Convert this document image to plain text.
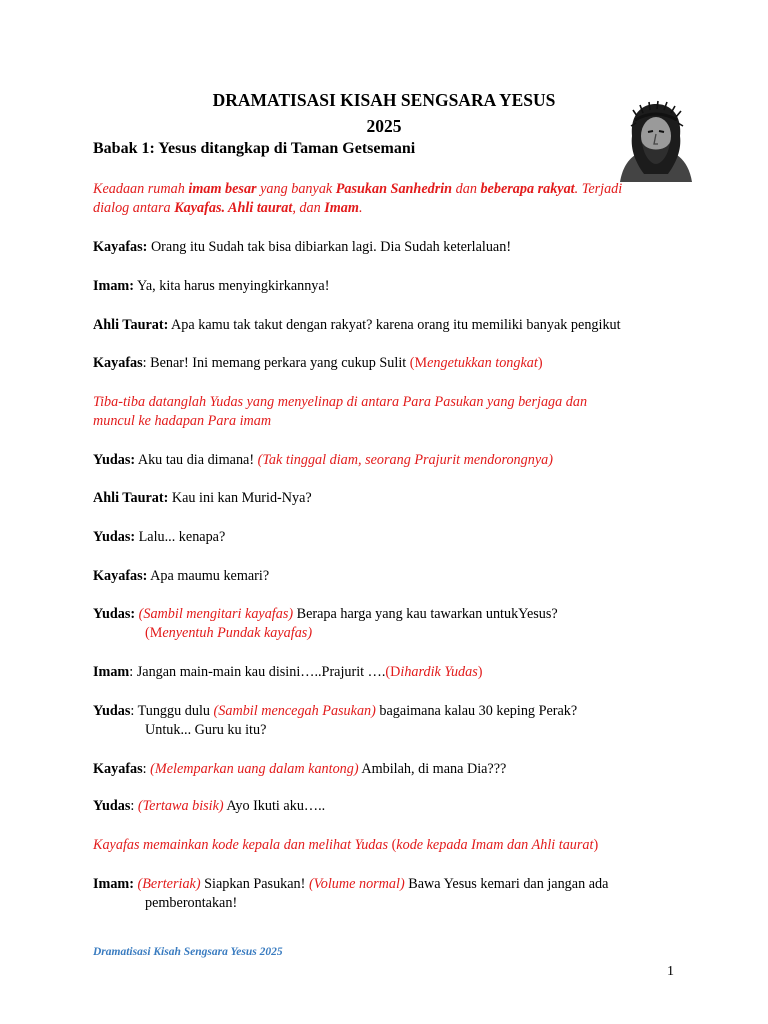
DRAMATISASI KISAH SENGSARA YESUS
2025
Babak 1: Yesus ditangkap di Taman Getsemani
Keadaan rumah imam besar yang banyak Pasukan Sanhedrin dan beberapa rakyat. Terjadi
dialog antara Kayafas. Ahli taurat, dan Imam.
Kayafas: Orang itu Sudah tak bisa dibiarkan lagi. Dia Sudah keterlaluan!
Imam: Ya, kita harus menyingkirkannya!
Ahli Taurat: Apa kamu tak takut dengan rakyat? karena orang itu memiliki banyak pengikut
Kayafas: Benar! Ini memang perkara yang cukup Sulit (Mengetukkan tongkat)
Tiba-tiba datanglah Yudas yang menyelinap di antara Para Pasukan yang berjaga dan
muncul ke hadapan Para imam
Yudas: Aku tau dia dimana! (Tak tinggal diam, seorang Prajurit mendorongnya)
Ahli Taurat: Kau ini kan Murid-Nya?
Yudas: Lalu... kenapa?
Kayafas: Apa maumu kemari?
Yudas: (Sambil mengitari kayafas) Berapa harga yang kau tawarkan untukYesus?
(Menyentuh Pundak kayafas)
Imam: Jangan main-main kau disini…..Prajurit ….(Dihardik Yudas)
Yudas: Tunggu dulu (Sambil mencegah Pasukan) bagaimana kalau 30 keping Perak?
Untuk... Guru ku itu?
Kayafas: (Melemparkan uang dalam kantong) Ambilah, di mana Dia???
Yudas: (Tertawa bisik) Ayo Ikuti aku…..
Kayafas memainkan kode kepala dan melihat Yudas (kode kepada Imam dan Ahli taurat)
Imam: (Berteriak) Siapkan Pasukan! (Volume normal) Bawa Yesus kemari dan jangan ada
pemberontakan!
Dramatisasi Kisah Sengsara Yesus 2025
1
